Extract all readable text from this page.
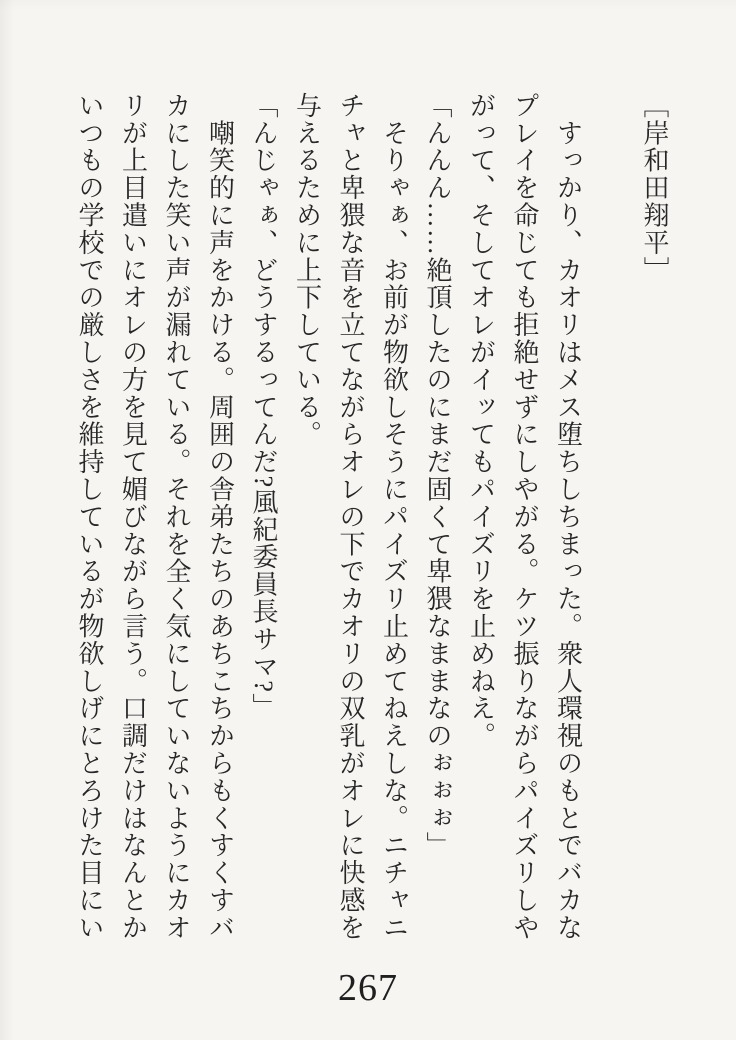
［岸和田翔平］

　すっかり、カオリはメス堕ちしちまった。衆人環視のもとでバカな

プレイを命じても拒絶せずにしやがる。ケツ振りながらパイズリしや

がって、そしてオレがイッてもパイズリを止めねえ。

「んんん……絶頂したのにまだ固くて卑猥なままなのぉぉぉ」

　そりゃぁ、お前が物欲しそうにパイズリ止めてねえしな。ニチャニ

チャと卑猥な音を立てながらオレの下でカオリの双乳がオレに快感を

与えるために上下している。

「んじゃぁ、どうするってんだ?風紀委員長サマ?」

　嘲笑的に声をかける。周囲の舎弟たちのあちこちからもくすくすバ

カにした笑い声が漏れている。それを全く気にしていないようにカオ

リが上目遣いにオレの方を見て媚びながら言う。口調だけはなんとか

いつもの学校での厳しさを維持しているが物欲しげにとろけた目にい

267
